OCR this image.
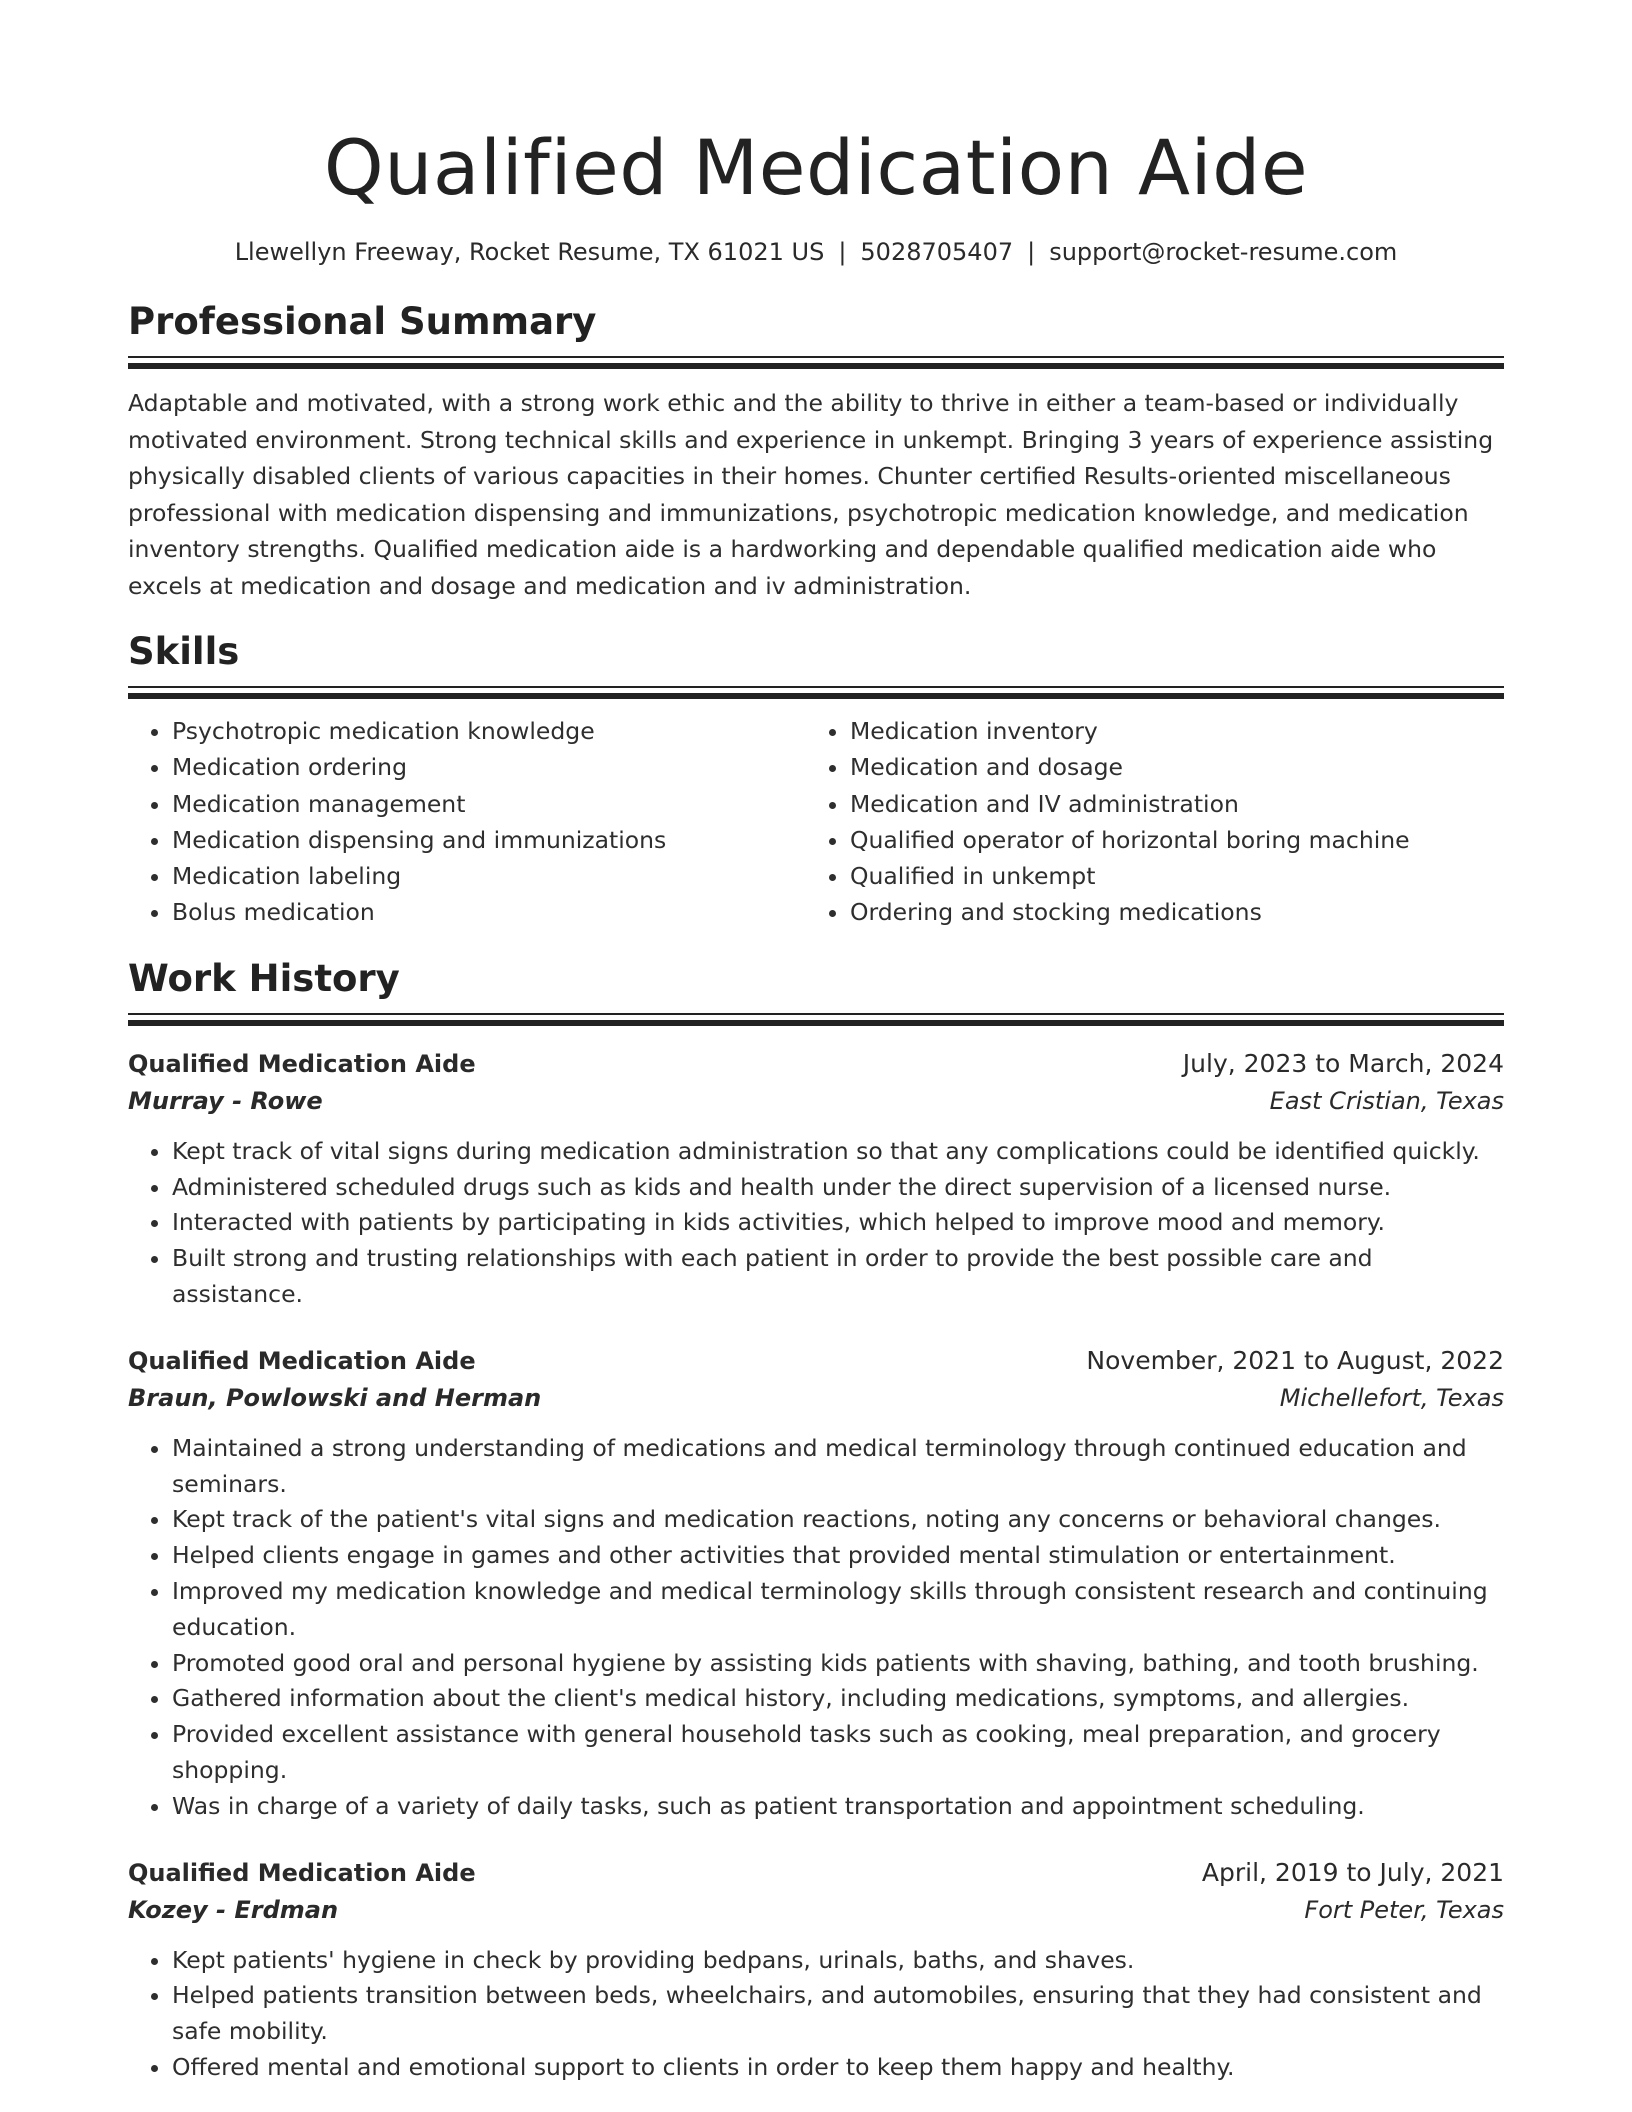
Qualified Medication Aide
Llewellyn Freeway, Rocket Resume, TX 61021 US | 5028705407 | support@rocket-resume.com
Professional Summary
Adaptable and motivated, with a strong work ethic and the ability to thrive in either a team-based or individually motivated environment. Strong technical skills and experience in unkempt. Bringing 3 years of experience assisting physically disabled clients of various capacities in their homes. Chunter certified Results-oriented miscellaneous professional with medication dispensing and immunizations, psychotropic medication knowledge, and medication inventory strengths. Qualified medication aide is a hardworking and dependable qualified medication aide who excels at medication and dosage and medication and iv administration.
Skills
• Psychotropic medication knowledge
• Medication ordering
• Medication management
• Medication dispensing and immunizations
• Medication labeling
• Bolus medication
• Medication inventory
• Medication and dosage
• Medication and IV administration
• Qualified operator of horizontal boring machine
• Qualified in unkempt
• Ordering and stocking medications
Work History
Qualified Medication Aide	July, 2023 to March, 2024
Murray - Rowe	East Cristian, Texas
• Kept track of vital signs during medication administration so that any complications could be identified quickly.
• Administered scheduled drugs such as kids and health under the direct supervision of a licensed nurse.
• Interacted with patients by participating in kids activities, which helped to improve mood and memory.
• Built strong and trusting relationships with each patient in order to provide the best possible care and assistance.
Qualified Medication Aide	November, 2021 to August, 2022
Braun, Powlowski and Herman	Michellefort, Texas
• Maintained a strong understanding of medications and medical terminology through continued education and seminars.
• Kept track of the patient's vital signs and medication reactions, noting any concerns or behavioral changes.
• Helped clients engage in games and other activities that provided mental stimulation or entertainment.
• Improved my medication knowledge and medical terminology skills through consistent research and continuing education.
• Promoted good oral and personal hygiene by assisting kids patients with shaving, bathing, and tooth brushing.
• Gathered information about the client's medical history, including medications, symptoms, and allergies.
• Provided excellent assistance with general household tasks such as cooking, meal preparation, and grocery shopping.
• Was in charge of a variety of daily tasks, such as patient transportation and appointment scheduling.
Qualified Medication Aide	April, 2019 to July, 2021
Kozey - Erdman	Fort Peter, Texas
• Kept patients' hygiene in check by providing bedpans, urinals, baths, and shaves.
• Helped patients transition between beds, wheelchairs, and automobiles, ensuring that they had consistent and safe mobility.
• Offered mental and emotional support to clients in order to keep them happy and healthy.
